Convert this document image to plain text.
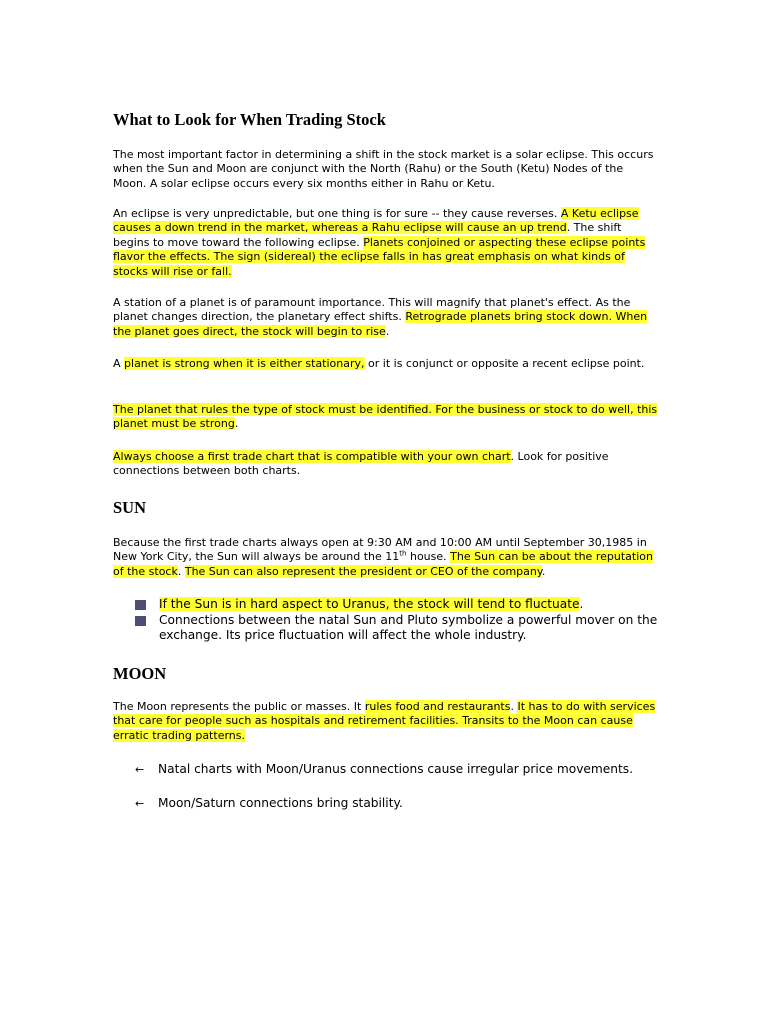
What to Look for When Trading Stock

The most important factor in determining a shift in the stock market is a solar eclipse. This occurs when the Sun and Moon are conjunct with the North (Rahu) or the South (Ketu) Nodes of the Moon. A solar eclipse occurs every six months either in Rahu or Ketu.

An eclipse is very unpredictable, but one thing is for sure -- they cause reverses. A Ketu eclipse causes a down trend in the market, whereas a Rahu eclipse will cause an up trend. The shift begins to move toward the following eclipse. Planets conjoined or aspecting these eclipse points flavor the effects. The sign (sidereal) the eclipse falls in has great emphasis on what kinds of stocks will rise or fall.

A station of a planet is of paramount importance. This will magnify that planet's effect. As the planet changes direction, the planetary effect shifts. Retrograde planets bring stock down. When the planet goes direct, the stock will begin to rise.

A planet is strong when it is either stationary, or it is conjunct or opposite a recent eclipse point.

The planet that rules the type of stock must be identified. For the business or stock to do well, this planet must be strong.

Always choose a first trade chart that is compatible with your own chart. Look for positive connections between both charts.

SUN

Because the first trade charts always open at 9:30 AM and 10:00 AM until September 30,1985 in New York City, the Sun will always be around the 11th house. The Sun can be about the reputation of the stock. The Sun can also represent the president or CEO of the company.

If the Sun is in hard aspect to Uranus, the stock will tend to fluctuate.
Connections between the natal Sun and Pluto symbolize a powerful mover on the exchange. Its price fluctuation will affect the whole industry.
MOON

The Moon represents the public or masses. It rules food and restaurants. It has to do with services that care for people such as hospitals and retirement facilities. Transits to the Moon can cause erratic trading patterns.

← Natal charts with Moon/Uranus connections cause irregular price movements.
← Moon/Saturn connections bring stability.
